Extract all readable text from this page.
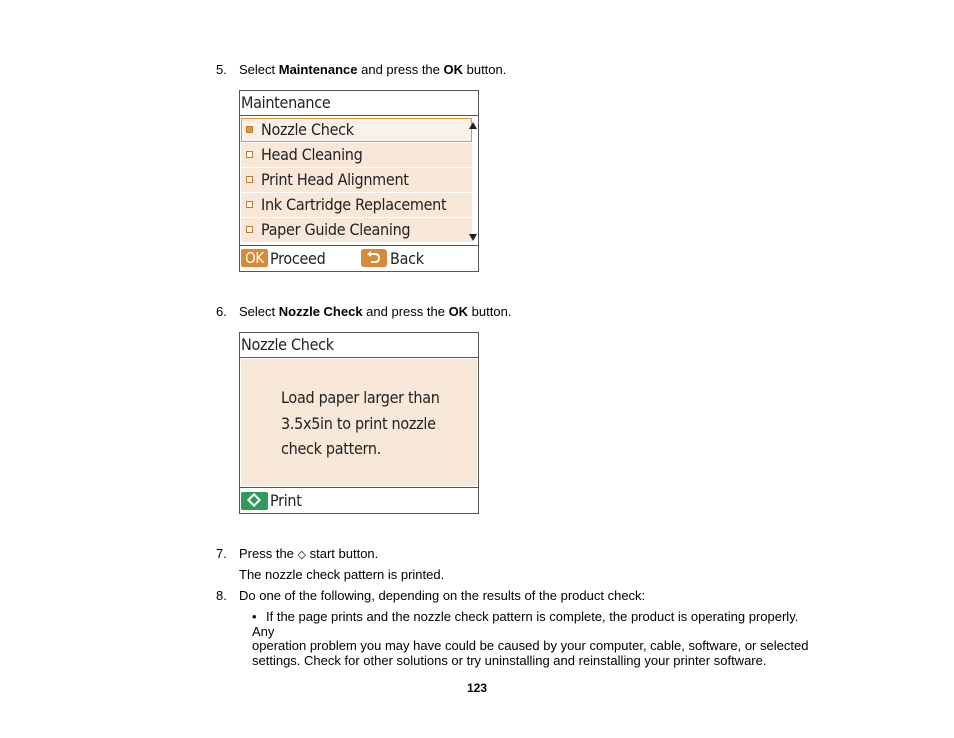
5. Select Maintenance and press the OK button.
Maintenance
Nozzle Check
Head Cleaning
Print Head Alignment
Ink Cartridge Replacement
Paper Guide Cleaning
OK Proceed	Back
6. Select Nozzle Check and press the OK button.
Nozzle Check
Load paper larger than
3.5x5in to print nozzle
check pattern.
Print
7. Press the ◇ start button.
The nozzle check pattern is printed.
8. Do one of the following, depending on the results of the product check:
• If the page prints and the nozzle check pattern is complete, the product is operating properly. Any
operation problem you may have could be caused by your computer, cable, software, or selected
settings. Check for other solutions or try uninstalling and reinstalling your printer software.
123
